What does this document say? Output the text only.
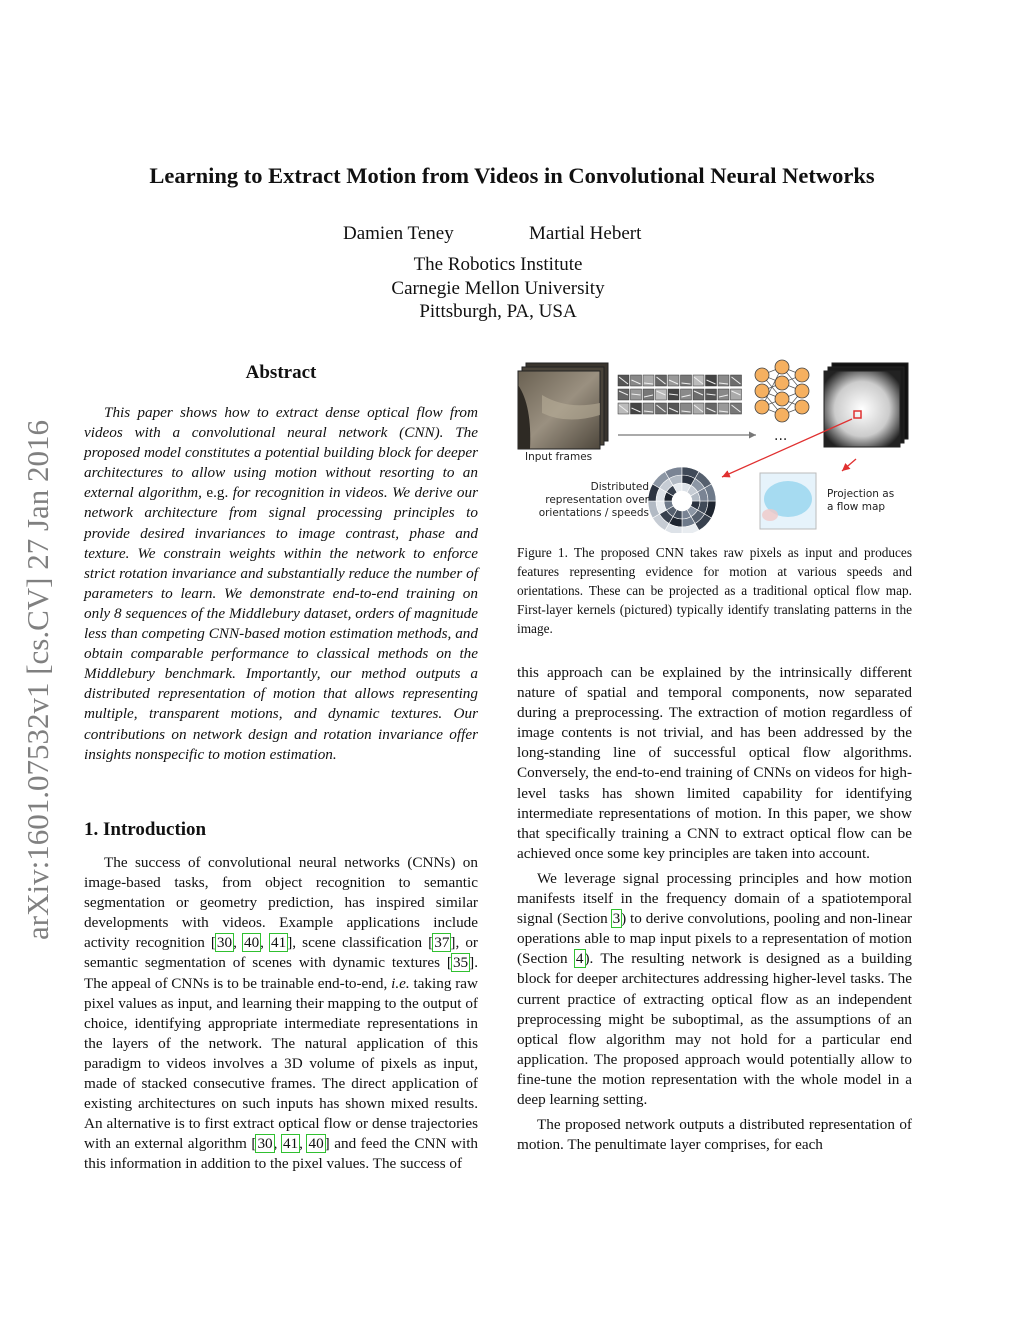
Learning to Extract Motion from Videos in Convolutional Neural Networks
Damien Teney	Martial Hebert
The Robotics Institute
Carnegie Mellon University
Pittsburgh, PA, USA
arXiv:1601.07532v1 [cs.CV] 27 Jan 2016
Abstract

This paper shows how to extract dense optical flow from videos with a convolutional neural network (CNN). The proposed model constitutes a potential building block for deeper architectures to allow using motion without resorting to an external algorithm, e.g. for recognition in videos. We derive our network architecture from signal processing principles to provide desired invariances to image contrast, phase and texture. We constrain weights within the network to enforce strict rotation invariance and substantially reduce the number of parameters to learn. We demonstrate end-to-end training on only 8 sequences of the Middlebury dataset, orders of magnitude less than competing CNN-based motion estimation methods, and obtain comparable performance to classical methods on the Middlebury benchmark. Importantly, our method outputs a distributed representation of motion that allows representing multiple, transparent motions, and dynamic textures. Our contributions on network design and rotation invariance offer insights nonspecific to motion estimation.

1. Introduction

The success of convolutional neural networks (CNNs) on image-based tasks, from object recognition to semantic segmentation or geometry prediction, has inspired similar developments with videos. Example applications include activity recognition [30, 40, 41], scene classification [37], or semantic segmentation of scenes with dynamic textures [35]. The appeal of CNNs is to be trainable end-to-end, i.e. taking raw pixel values as input, and learning their mapping to the output of choice, identifying appropriate intermediate representations in the layers of the network. The natural application of this paradigm to videos involves a 3D volume of pixels as input, made of stacked consecutive frames. The direct application of existing architectures on such inputs has shown mixed results. An alternative is to first extract optical flow or dense trajectories with an external algorithm [30, 41, 40] and feed the CNN with this information in addition to the pixel values. The success of

Input frames
...
Distributed
representation over
orientations / speeds
Projection as
a flow map
Figure 1. The proposed CNN takes raw pixels as input and produces features representing evidence for motion at various speeds and orientations. These can be projected as a traditional optical flow map. First-layer kernels (pictured) typically identify translating patterns in the image.

this approach can be explained by the intrinsically different nature of spatial and temporal components, now separated during a preprocessing. The extraction of motion regardless of image contents is not trivial, and has been addressed by the long-standing line of successful optical flow algorithms. Conversely, the end-to-end training of CNNs on videos for high-level tasks has shown limited capability for identifying intermediate representations of motion. In this paper, we show that specifically training a CNN to extract optical flow can be achieved once some key principles are taken into account.

We leverage signal processing principles and how motion manifests itself in the frequency domain of a spatiotemporal signal (Section 3) to derive convolutions, pooling and non-linear operations able to map input pixels to a representation of motion (Section 4). The resulting network is designed as a building block for deeper architectures addressing higher-level tasks. The current practice of extracting optical flow as an independent preprocessing might be suboptimal, as the assumptions of an optical flow algorithm may not hold for a particular end application. The proposed approach would potentially allow to fine-tune the motion representation with the whole model in a deep learning setting.

The proposed network outputs a distributed representation of motion. The penultimate layer comprises, for each
